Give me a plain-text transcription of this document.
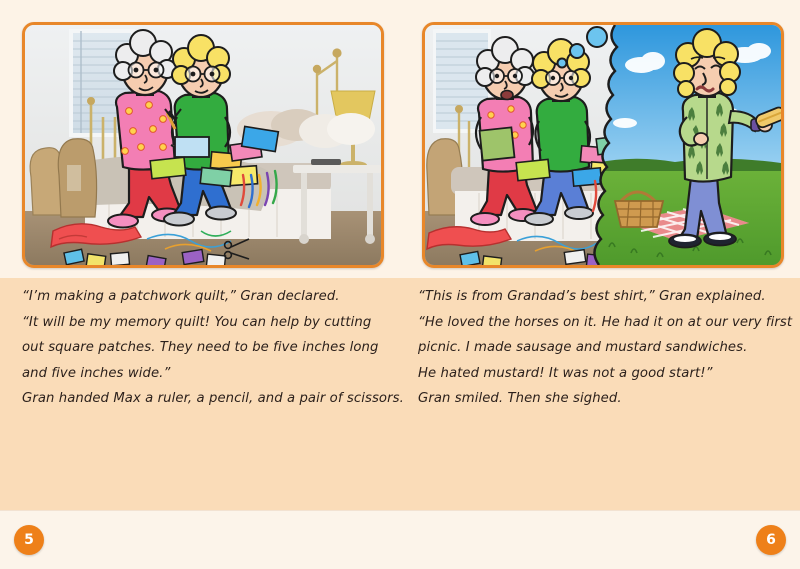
“I’m making a patchwork quilt,” Gran declared.
“It will be my memory quilt! You can help by cutting
out square patches. They need to be five inches long
and five inches wide.”
Gran handed Max a ruler, a pencil, and a pair of scissors.
“This is from Grandad’s best shirt,” Gran explained.
“He loved the horses on it. He had it on at our very first
picnic. I made sausage and mustard sandwiches.
He hated mustard! It was not a good start!”
Gran smiled. Then she sighed.
5	6
